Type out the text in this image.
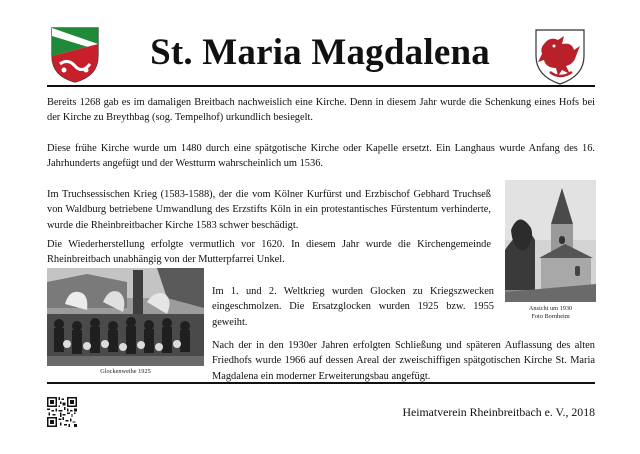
St. Maria Magdalena

Bereits 1268 gab es im damaligen Breitbach nachweislich eine Kirche. Denn in diesem Jahr wurde die Schenkung eines Hofs bei der Kirche zu Breythbag (sog. Tempelhof) urkundlich besiegelt.

Diese frühe Kirche wurde um 1480 durch eine spätgotische Kirche oder Kapelle ersetzt. Ein Langhaus wurde Anfang des 16. Jahrhunderts angefügt und der Westturm wahrscheinlich um 1536.

Im Truchsessischen Krieg (1583-1588), der die vom Kölner Kurfürst und Erzbischof Gebhard Truchseß von Waldburg betriebene Umwandlung des Erzstifts Köln in ein protestantisches Fürstentum verhinderte, wurde die Rheinbreitbacher Kirche 1583 schwer beschädigt.

Die Wiederherstellung erfolgte vermutlich vor 1620. In diesem Jahr wurde die Kirchengemeinde Rheinbreitbach unabhängig von der Mutterpfarrei Unkel.

Im 1. und 2. Weltkrieg wurden Glocken zu Kriegszwecken eingeschmolzen. Die Ersatzglocken wurden 1925 bzw. 1955 geweiht.

Nach der in den 1930er Jahren erfolgten Schließung und späteren Auflassung des alten Friedhofs wurde 1966 auf dessen Areal der zweischiffigen spätgotischen Kirche St. Maria Magdalena ein moderner Erweiterungsbau angefügt.

Ansicht um 1930
Foto Bornheim
Glockenweihe 1925
Heimatverein Rheinbreitbach e. V., 2018
